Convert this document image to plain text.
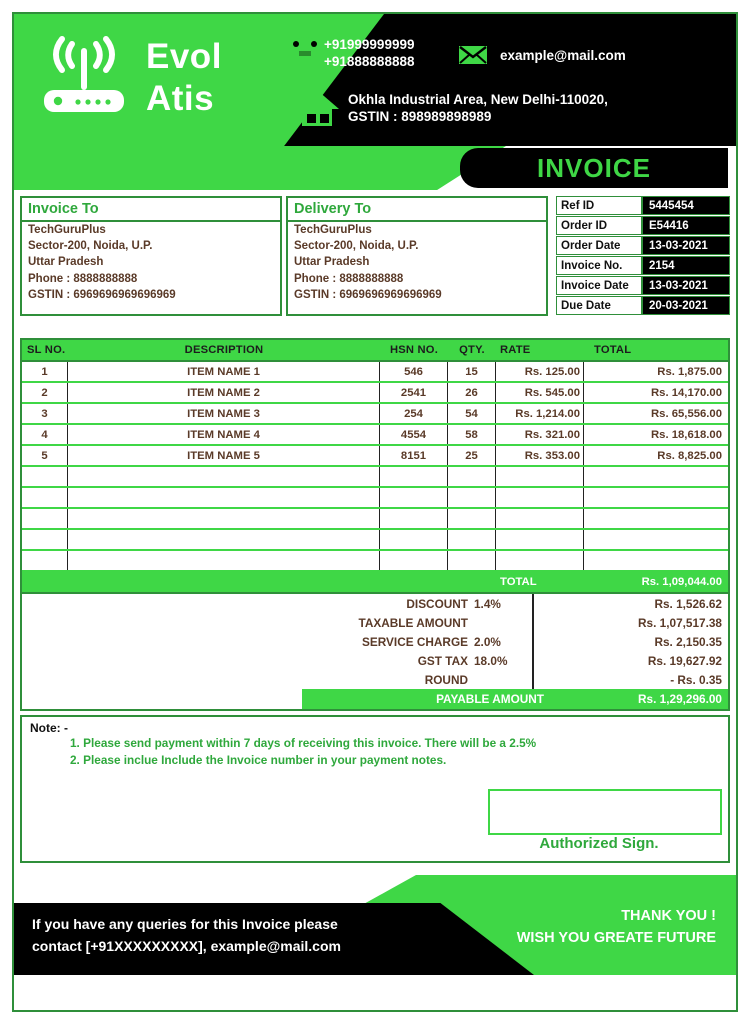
Evol
Atis
+91999999999
+91888888888	example@mail.com
Okhla Industrial Area, New Delhi-110020,
GSTIN : 898989898989
INVOICE
Invoice To
TechGuruPlus
Sector-200, Noida, U.P.
Uttar Pradesh
Phone : 8888888888
GSTIN : 6969696969696969
Delivery To
TechGuruPlus
Sector-200, Noida, U.P.
Uttar Pradesh
Phone : 8888888888
GSTIN : 6969696969696969
Ref ID	5445454
Order ID	E54416
Order Date	13-03-2021
Invoice No.	2154
Invoice Date	13-03-2021
Due Date	20-03-2021
SL NO.	DESCRIPTION	HSN NO.	QTY.	RATE	TOTAL
1	ITEM NAME 1	546	15	Rs. 125.00	Rs. 1,875.00
2	ITEM NAME 2	2541	26	Rs. 545.00	Rs. 14,170.00
3	ITEM NAME 3	254	54	Rs. 1,214.00	Rs. 65,556.00
4	ITEM NAME 4	4554	58	Rs. 321.00	Rs. 18,618.00
5	ITEM NAME 5	8151	25	Rs. 353.00	Rs. 8,825.00
TOTAL	Rs. 1,09,044.00
DISCOUNT 1.4%	Rs. 1,526.62
TAXABLE AMOUNT	Rs. 1,07,517.38
SERVICE CHARGE 2.0%	Rs. 2,150.35
GST TAX 18.0%	Rs. 19,627.92
ROUND	- Rs. 0.35
PAYABLE AMOUNT	Rs. 1,29,296.00
Note: -
1. Please send payment within 7 days of receiving this invoice. There will be a 2.5%
2. Please inclue Include the Invoice number in your payment notes.
Authorized Sign.
If you have any queries for this Invoice please
contact [+91XXXXXXXXX], example@mail.com
THANK YOU !
WISH YOU GREATE FUTURE
